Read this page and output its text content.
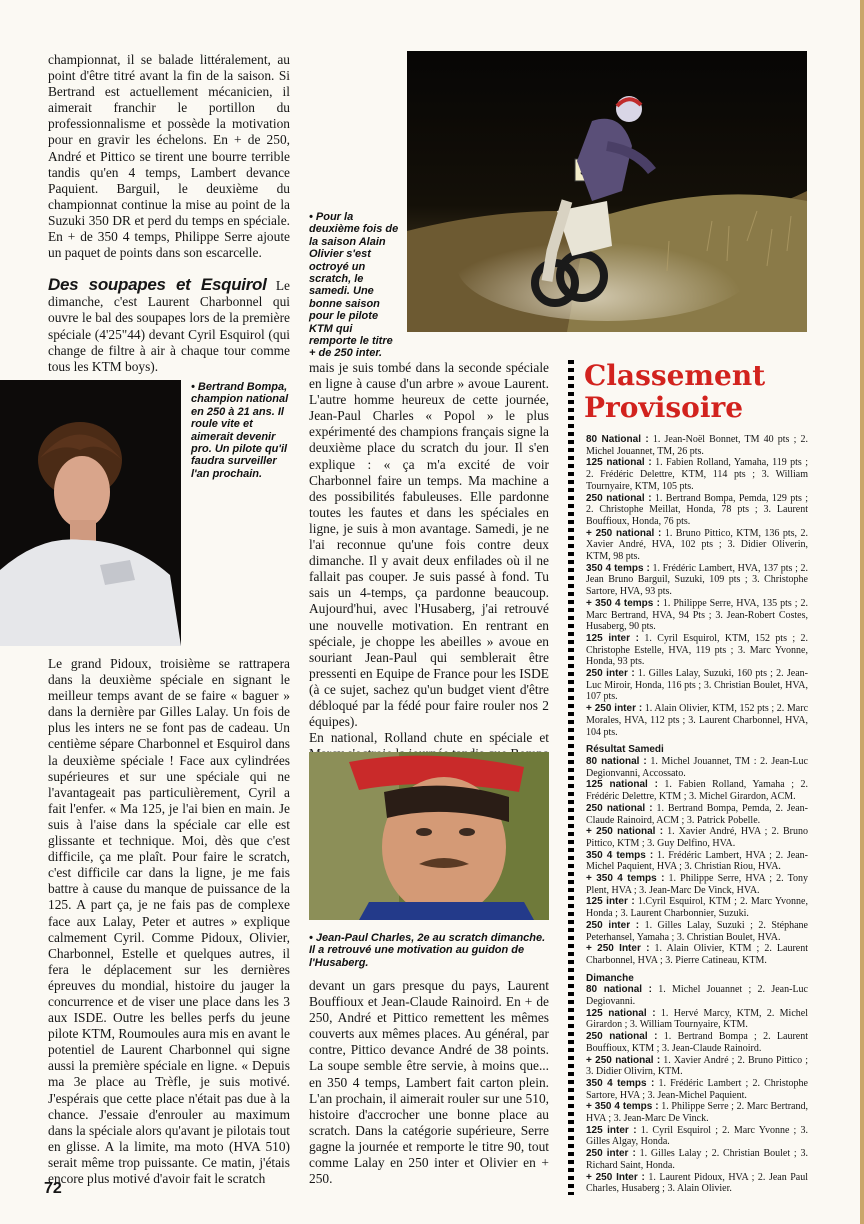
championnat, il se balade littéralement, au point d'être titré avant la fin de la saison. Si Bertrand est actuellement mécanicien, il aimerait franchir le portillon du professionnalisme et possède la motivation pour en gravir les échelons. En + de 250, André et Pittico se tirent une bourre terrible tandis qu'en 4 temps, Lambert devance Paquient. Barguil, le deuxième du championnat continue la mise au point de la Suzuki 350 DR et perd du temps en spéciale. En + de 350 4 temps, Philippe Serre ajoute un paquet de points dans son escarcelle.

Des soupapes et Esquirol Le dimanche, c'est Laurent Charbonnel qui ouvre le bal des soupapes lors de la première spéciale (4'25"44) devant Cyril Esquirol (qui change de filtre à air à chaque tour comme tous les KTM boys).

• Pour la deuxième fois de la saison Alain Olivier s'est octroyé un scratch, le samedi. Une bonne saison pour le pilote KTM qui remporte le titre + de 250 inter.
• Bertrand Bompa, champion national en 250 à 21 ans. Il roule vite et aimerait devenir pro. Un pilote qu'il faudra surveiller l'an prochain.

Le grand Pidoux, troisième se rattrapera dans la deuxième spéciale en signant le meilleur temps avant de se faire « baguer » dans la dernière par Gilles Lalay. Un fois de plus les inters ne se font pas de cadeau. Un centième sépare Charbonnel et Esquirol dans la deuxième spéciale ! Face aux cylindrées supérieures et sur une spéciale qui ne l'avantageait pas particulièrement, Cyril a fait l'enfer. « Ma 125, je l'ai bien en main. Je suis à l'aise dans la spéciale car elle est glissante et technique. Moi, dès que c'est difficile, ça me plaît. Pour faire le scratch, c'est difficile car dans la ligne, je me fais battre à cause du manque de puissance de la 125. A part ça, je ne fais pas de complexe face aux Lalay, Peter et autres » explique calmement Cyril. Comme Pidoux, Olivier, Charbonnel, Estelle et quelques autres, il fera le déplacement sur les dernières épreuves du mondial, histoire du jauger la concurrence et de viser une place dans les 3 aux ISDE. Outre les belles perfs du jeune pilote KTM, Roumoules aura mis en avant le potentiel de Laurent Charbonnel qui signe aussi la première spéciale en ligne. « Depuis ma 3e place au Trèfle, je suis motivé. J'espérais que cette place n'était pas due à la chance. J'essaie d'enrouler au maximum dans la spéciale alors qu'avant je pilotais tout en glisse. A la limite, ma moto (HVA 510) serait même trop puissante. Ce matin, j'étais encore plus motivé d'avoir fait le scratch

mais je suis tombé dans la seconde spéciale en ligne à cause d'un arbre » avoue Laurent. L'autre homme heureux de cette journée, Jean-Paul Charles « Popol » le plus expérimenté des champions français signe la deuxième place du scratch du jour. Il s'en explique : « ça m'a excité de voir Charbonnel faire un temps. Ma machine a des possibilités fabuleuses. Elle pardonne toutes les fautes et dans les spéciales en ligne, je suis à mon avantage. Samedi, je ne l'ai reconnue qu'une fois contre deux dimanche. Il y avait deux enfilades où il ne fallait pas couper. Je suis passé à fond. Tu sais un 4-temps, ça pardonne beaucoup. Aujourd'hui, avec l'Husaberg, j'ai retrouvé une nouvelle motivation. En rentrant en spéciale, je choppe les abeilles » avoue en souriant Jean-Paul qui semblerait être pressenti en Equipe de France pour les ISDE (à ce sujet, sachez qu'un budget vient d'être débloqué par la fédé pour faire rouler nos 2 équipes).

En national, Rolland chute en spéciale et

• Jean-Paul Charles, 2e au scratch dimanche. Il a retrouvé une motivation au guidon de l'Husaberg.

devant un gars presque du pays, Laurent Bouffioux et Jean-Claude Rainoird. En + de 250, André et Pittico remettent les mêmes couverts aux mêmes places. Au général, par contre, Pittico devance André de 38 points. La soupe semble être servie, à moins que... en 350 4 temps, Lambert fait carton plein. L'an prochain, il aimerait rouler sur une 510, histoire d'accrocher une bonne place au scratch. Dans la catégorie supérieure, Serre gagne la journée et remporte le titre 90, tout comme Lalay en 250 inter et Olivier en + 250.

Classement Provisoire

80 National : 1. Jean-Noël Bonnet, TM 40 pts ; 2. Michel Jouannet, TM, 26 pts.

125 national : 1. Fabien Rolland, Yamaha, 119 pts ; 2. Frédéric Delettre, KTM, 114 pts ; 3. William Tournyaire, KTM, 105 pts.

250 national : 1. Bertrand Bompa, Pemda, 129 pts ; 2. Christophe Meillat, Honda, 78 pts ; 3. Laurent Bouffioux, Honda, 76 pts.

+ 250 national : 1. Bruno Pittico, KTM, 136 pts, 2. Xavier André, HVA, 102 pts ; 3. Didier Oliverin, KTM, 98 pts.

350 4 temps : 1. Frédéric Lambert, HVA, 137 pts ; 2. Jean Bruno Barguil, Suzuki, 109 pts ; 3. Christophe Sartore, HVA, 93 pts.

+ 350 4 temps : 1. Philippe Serre, HVA, 135 pts ; 2. Marc Bertrand, HVA, 94 Pts ; 3. Jean-Robert Costes, Husaberg, 90 pts.

125 inter : 1. Cyril Esquirol, KTM, 152 pts ; 2. Christophe Estelle, HVA, 119 pts ; 3. Marc Yvonne, Honda, 93 pts.

250 inter : 1. Gilles Lalay, Suzuki, 160 pts ; 2. Jean-Luc Miroir, Honda, 116 pts ; 3. Christian Boulet, HVA, 107 pts.

+ 250 inter : 1. Alain Olivier, KTM, 152 pts ; 2. Marc Morales, HVA, 112 pts ; 3. Laurent Charbonnel, HVA, 104 pts.

Résultat Samedi

80 national : 1. Michel Jouannet, TM : 2. Jean-Luc Degionvanni, Accossato.

125 national : 1. Fabien Rolland, Yamaha ; 2. Frédéric Delettre, KTM ; 3. Michel Girardon, ACM.

250 national : 1. Bertrand Bompa, Pemda, 2. Jean-Claude Rainoird, ACM ; 3. Patrick Pobelle.

+ 250 national : 1. Xavier André, HVA ; 2. Bruno Pittico, KTM ; 3. Guy Delfino, HVA.

350 4 temps : 1. Frédéric Lambert, HVA ; 2. Jean-Michel Paquient, HVA ; 3. Christian Riou, HVA.

+ 350 4 temps : 1. Philippe Serre, HVA ; 2. Tony Plent, HVA ; 3. Jean-Marc De Vinck, HVA.

125 inter : 1.Cyril Esquirol, KTM ; 2. Marc Yvonne, Honda ; 3. Laurent Charbonnier, Suzuki.

250 inter : 1. Gilles Lalay, Suzuki ; 2. Stéphane Peterhansel, Yamaha ; 3. Christian Boulet, HVA.

+ 250 Inter : 1. Alain Olivier, KTM ; 2. Laurent Charbonnel, HVA ; 3. Pierre Catineau, KTM.

Dimanche

80 national : 1. Michel Jouannet ; 2. Jean-Luc Degiovanni.

125 national : 1. Hervé Marcy, KTM, 2. Michel Girardon ; 3. William Tournyaire, KTM.

250 national : 1. Bertrand Bompa ; 2. Laurent Bouffioux, KTM ; 3. Jean-Claude Rainoird.

+ 250 national : 1. Xavier André ; 2. Bruno Pittico ; 3. Didier Olivirn, KTM.

350 4 temps : 1. Frédéric Lambert ; 2. Christophe Sartore, HVA ; 3. Jean-Michel Paquient.

+ 350 4 temps : 1. Philippe Serre ; 2. Marc Bertrand, HVA ; 3. Jean-Marc De Vinck.

125 inter : 1. Cyril Esquirol ; 2. Marc Yvonne ; 3. Gilles Algay, Honda.

250 inter : 1. Gilles Lalay ; 2. Christian Boulet ; 3. Richard Saint, Honda.

+ 250 Inter : 1. Laurent Pidoux, HVA ; 2. Jean Paul Charles, Husaberg ; 3. Alain Olivier.

72
